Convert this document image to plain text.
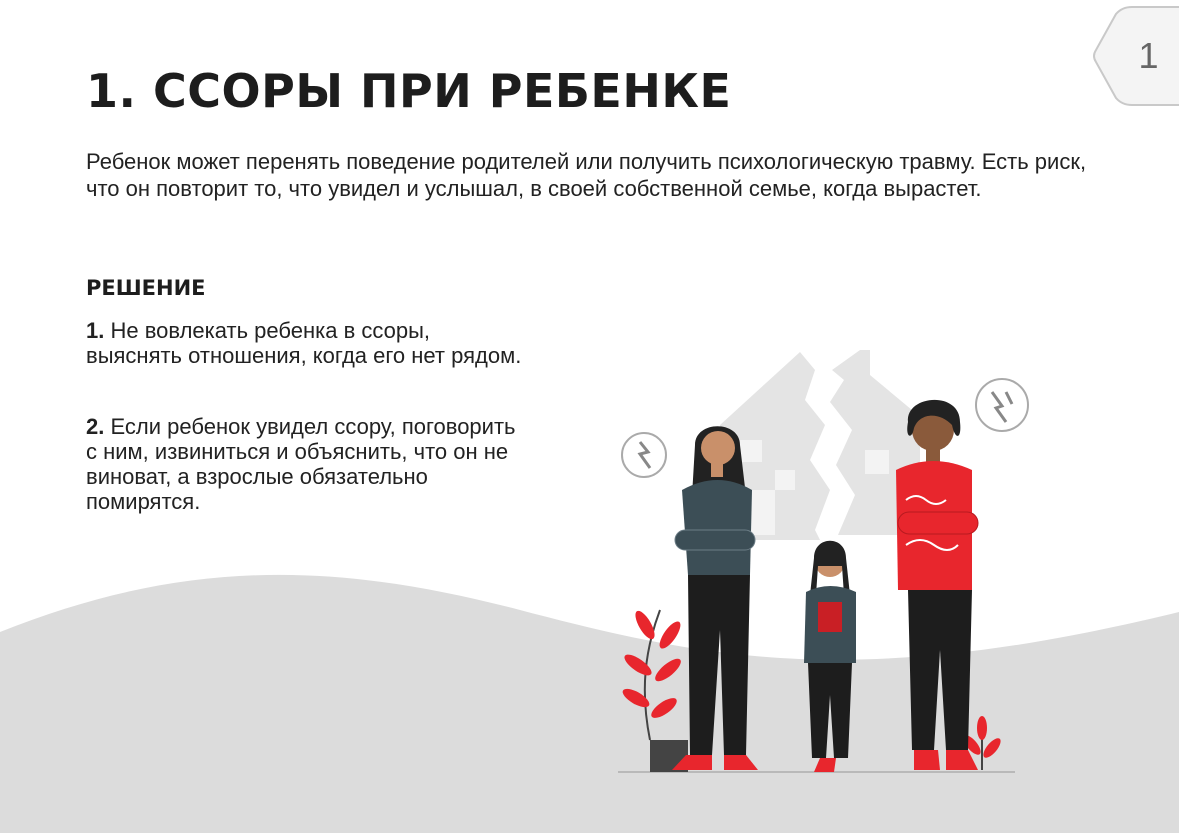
1
1. ССОРЫ ПРИ РЕБЕНКЕ

Ребенок может перенять поведение родителей или получить психологическую травму. Есть риск, что он повторит то, что увидел и услышал, в своей собственной семье, когда вырастет.

РЕШЕНИЕ

1. Не вовлекать ребенка в ссоры, выяснять отношения, когда его нет рядом.

2. Если ребенок увидел ссору, поговорить с ним, извиниться и объяснить, что он не виноват, а взрослые обязательно помирятся.
